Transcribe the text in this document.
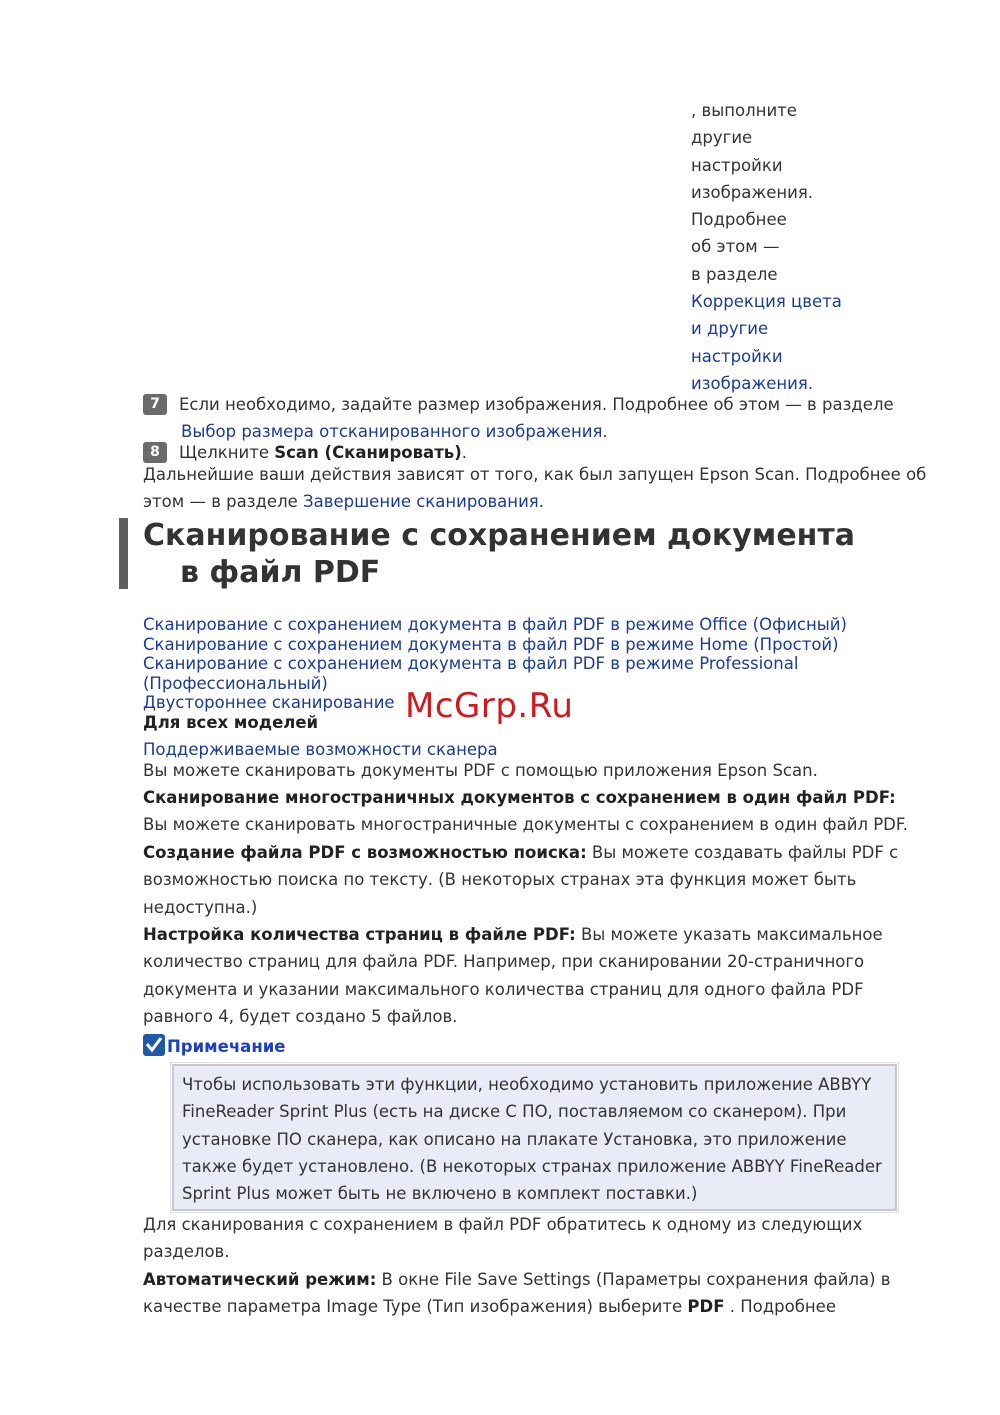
, выполните
другие
настройки
изображения.
Подробнее
об этом —
в разделе
Коррекция цвета
и другие
настройки
изображения.
7 Если необходимо, задайте размер изображения. Подробнее об этом — в разделе
Выбор размера отсканированного изображения.
8 Щелкните Scan (Сканировать).
Дальнейшие ваши действия зависят от того, как был запущен Epson Scan. Подробнее об этом — в разделе Завершение сканирования.
Сканирование с сохранением документа
в файл PDF
Сканирование с сохранением документа в файл PDF в режиме Office (Офисный)
Сканирование с сохранением документа в файл PDF в режиме Home (Простой)
Сканирование с сохранением документа в файл PDF в режиме Professional (Профессиональный)
Двустороннее сканирование
Для всех моделей	McGrp.Ru
Поддерживаемые возможности сканера
Вы можете сканировать документы PDF с помощью приложения Epson Scan.
Сканирование многостраничных документов с сохранением в один файл PDF:
Вы можете сканировать многостраничные документы с сохранением в один файл PDF.
Создание файла PDF с возможностью поиска: Вы можете создавать файлы PDF с возможностью поиска по тексту. (В некоторых странах эта функция может быть недоступна.)
Настройка количества страниц в файле PDF: Вы можете указать максимальное количество страниц для файла PDF. Например, при сканировании 20-страничного документа и указании максимального количества страниц для одного файла PDF равного 4, будет создано 5 файлов.
Примечание
Чтобы использовать эти функции, необходимо установить приложение ABBYY FineReader Sprint Plus (есть на диске С ПО, поставляемом со сканером). При установке ПО сканера, как описано на плакате Установка, это приложение также будет установлено. (В некоторых странах приложение ABBYY FineReader Sprint Plus может быть не включено в комплект поставки.)
Для сканирования с сохранением в файл PDF обратитесь к одному из следующих разделов.
Автоматический режим: В окне File Save Settings (Параметры сохранения файла) в качестве параметра Image Type (Тип изображения) выберите PDF . Подробнее
